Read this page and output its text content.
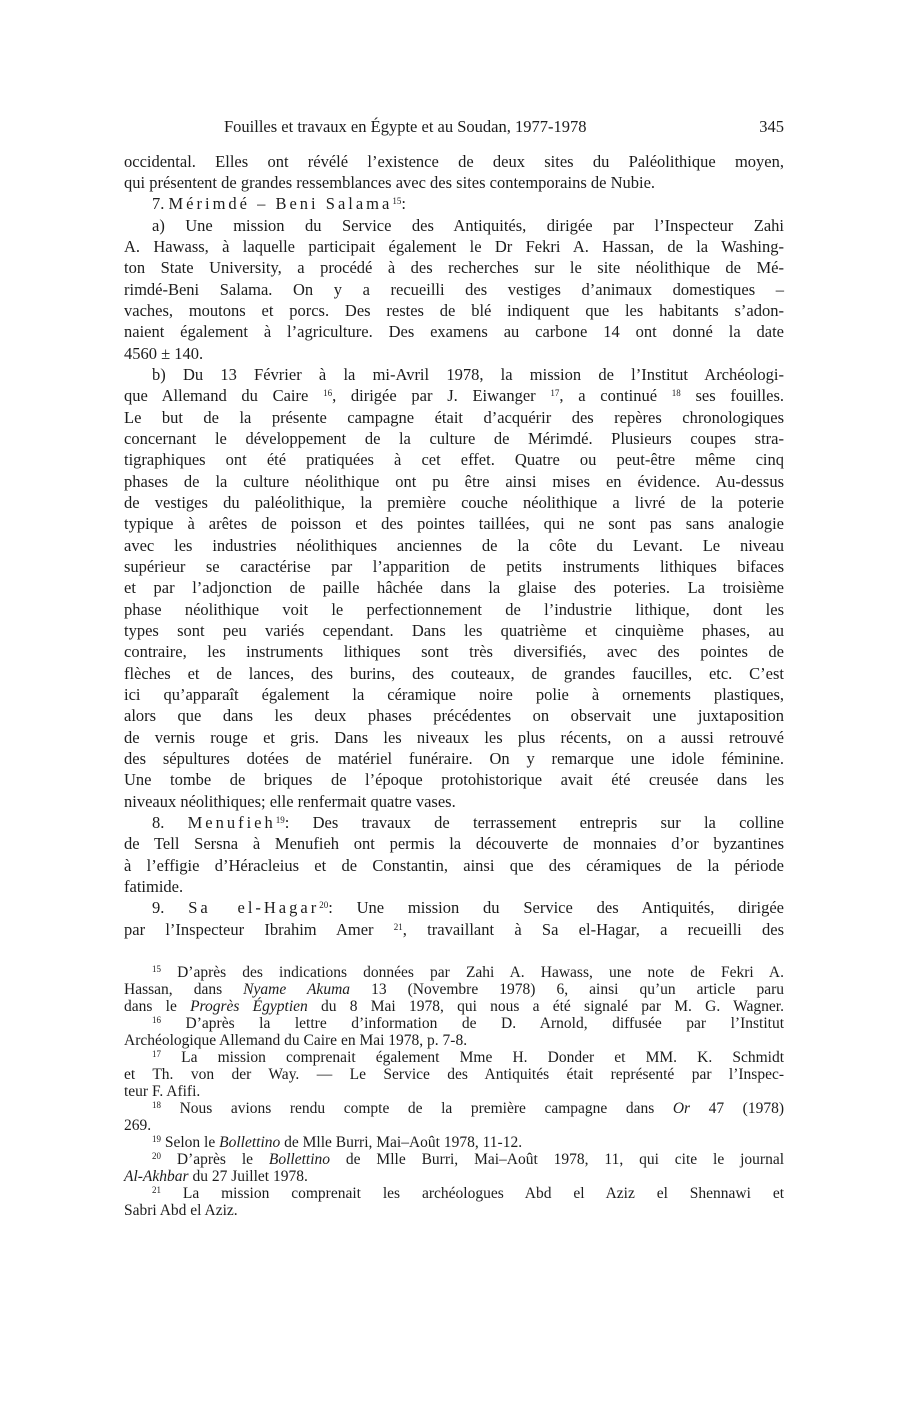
Fouilles et travaux en Égypte et au Soudan, 1977-1978	345
occidental. Elles ont révélé l’existence de deux sites du Paléolithique moyen,
qui présentent de grandes ressemblances avec des sites contemporains de Nubie.
7. Mérimdé – Beni Salama$^{15}$:
a) Une mission du Service des Antiquités, dirigée par l’Inspecteur Zahi
A. Hawass, à laquelle participait également le Dr Fekri A. Hassan, de la Washing-
ton State University, a procédé à des recherches sur le site néolithique de Mé-
rimdé-Beni Salama. On y a recueilli des vestiges d’animaux domestiques –
vaches, moutons et porcs. Des restes de blé indiquent que les habitants s’adon-
naient également à l’agriculture. Des examens au carbone 14 ont donné la date
4560 ± 140.
b) Du 13 Février à la mi-Avril 1978, la mission de l’Institut Archéologi-
que Allemand du Caire $^{16}$, dirigée par J. Eiwanger $^{17}$, a continué $^{18}$ ses fouilles.
Le but de la présente campagne était d’acquérir des repères chronologiques
concernant le développement de la culture de Mérimdé. Plusieurs coupes stra-
tigraphiques ont été pratiquées à cet effet. Quatre ou peut-être même cinq
phases de la culture néolithique ont pu être ainsi mises en évidence. Au-dessus
de vestiges du paléolithique, la première couche néolithique a livré de la poterie
typique à arêtes de poisson et des pointes taillées, qui ne sont pas sans analogie
avec les industries néolithiques anciennes de la côte du Levant. Le niveau
supérieur se caractérise par l’apparition de petits instruments lithiques bifaces
et par l’adjonction de paille hâchée dans la glaise des poteries. La troisième
phase néolithique voit le perfectionnement de l’industrie lithique, dont les
types sont peu variés cependant. Dans les quatrième et cinquième phases, au
contraire, les instruments lithiques sont très diversifiés, avec des pointes de
flèches et de lances, des burins, des couteaux, de grandes faucilles, etc. C’est
ici qu’apparaît également la céramique noire polie à ornements plastiques,
alors que dans les deux phases précédentes on observait une juxtaposition
de vernis rouge et gris. Dans les niveaux les plus récents, on a aussi retrouvé
des sépultures dotées de matériel funéraire. On y remarque une idole féminine.
Une tombe de briques de l’époque protohistorique avait été creusée dans les
niveaux néolithiques; elle renfermait quatre vases.
8. Menufieh$^{19}$: Des travaux de terrassement entrepris sur la colline
de Tell Sersna à Menufieh ont permis la découverte de monnaies d’or byzantines
à l’effigie d’Héracleius et de Constantin, ainsi que des céramiques de la période
fatimide.
9. Sa el-Hagar$^{20}$: Une mission du Service des Antiquités, dirigée
par l’Inspecteur Ibrahim Amer $^{21}$, travaillant à Sa el-Hagar, a recueilli des
$^{15}$ D’après des indications données par Zahi A. Hawass, une note de Fekri A.
Hassan, dans Nyame Akuma 13 (Novembre 1978) 6, ainsi qu’un article paru
dans le Progrès Égyptien du 8 Mai 1978, qui nous a été signalé par M. G. Wagner.
$^{16}$ D’après la lettre d’information de D. Arnold, diffusée par l’Institut
Archéologique Allemand du Caire en Mai 1978, p. 7-8.
$^{17}$ La mission comprenait également Mme H. Donder et MM. K. Schmidt
et Th. von der Way. — Le Service des Antiquités était représenté par l’Inspec-
teur F. Afifi.
$^{18}$ Nous avions rendu compte de la première campagne dans Or 47 (1978)
269.
$^{19}$ Selon le Bollettino de Mlle Burri, Mai–Août 1978, 11-12.
$^{20}$ D’après le Bollettino de Mlle Burri, Mai–Août 1978, 11, qui cite le journal
Al-Akhbar du 27 Juillet 1978.
$^{21}$ La mission comprenait les archéologues Abd el Aziz el Shennawi et
Sabri Abd el Aziz.
